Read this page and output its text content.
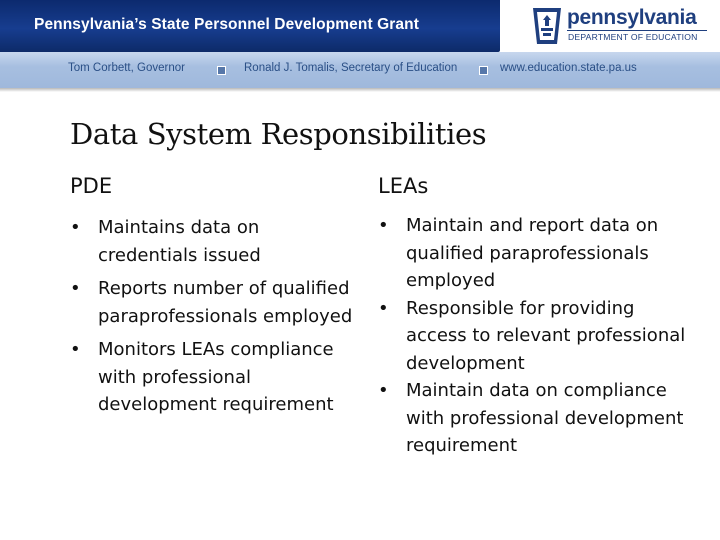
Pennsylvania’s State Personnel Development Grant
Tom Corbett, Governor	Ronald J. Tomalis, Secretary of Education	www.education.state.pa.us
pennsylvania
DEPARTMENT OF EDUCATION
Data System Responsibilities
PDE	LEAs
• Maintains data on credentials issued
• Reports number of qualified paraprofessionals employed
• Monitors LEAs compliance with professional development requirement
• Maintain and report data on qualified paraprofessionals employed
• Responsible for providing access to relevant professional development
• Maintain data on compliance with professional development requirement
